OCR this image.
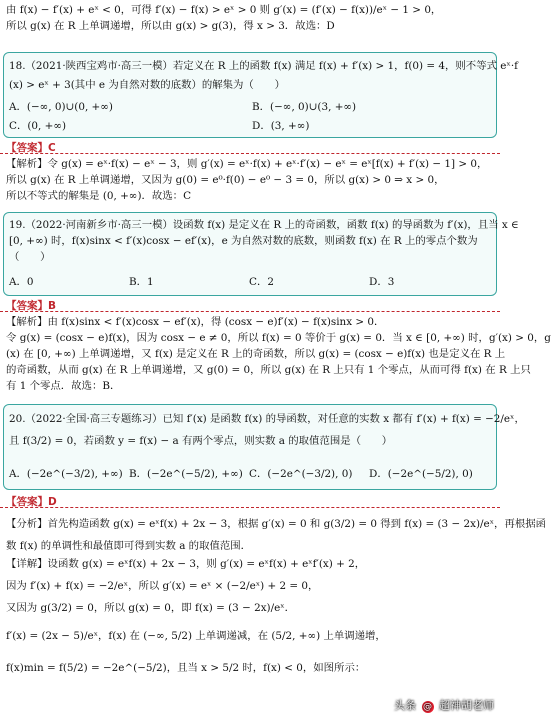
由 f(x) − f′(x) + eˣ < 0，可得 f′(x) − f(x) > eˣ > 0 则 g′(x) = (f′(x) − f(x))/eˣ − 1 > 0，
所以 g(x) 在 R 上单调递增，所以由 g(x) > g(3)，得 x > 3．故选：D
18.（2021·陕西宝鸡市·高三一模）若定义在 R 上的函数 f(x) 满足 f(x) + f′(x) > 1，f(0) = 4，则不等式 eˣ·f
(x) > eˣ + 3(其中 e 为自然对数的底数）的解集为（　　）
A．(−∞, 0)∪(0, +∞)	B．(−∞, 0)∪(3, +∞)
C．(0, +∞)	D．(3, +∞)
【答案】C
【解析】令 g(x) = eˣ·f(x) − eˣ − 3，则 g′(x) = eˣ·f(x) + eˣ·f′(x) − eˣ = eˣ[f(x) + f′(x) − 1] > 0，
所以 g(x) 在 R 上单调递增，又因为 g(0) = e⁰·f(0) − e⁰ − 3 = 0，所以 g(x) > 0 ⇒ x > 0，
所以不等式的解集是 (0, +∞)．故选：C
19.（2022·河南新乡市·高三一模）设函数 f(x) 是定义在 R 上的奇函数，函数 f(x) 的导函数为 f′(x)，且当 x ∈
[0, +∞) 时，f(x)sinx < f′(x)cosx − ef′(x)，e 为自然对数的底数，则函数 f(x) 在 R 上的零点个数为
（　　）
A．0	B．1	C．2	D．3
【答案】B
【解析】由 f(x)sinx < f′(x)cosx − ef′(x)，得 (cosx − e)f′(x) − f(x)sinx > 0．
令 g(x) = (cosx − e)f(x)，因为 cosx − e ≠ 0，所以 f(x) = 0 等价于 g(x) = 0．当 x ∈ [0, +∞) 时，g′(x) > 0，g
(x) 在 [0, +∞) 上单调递增，又 f(x) 是定义在 R 上的奇函数，所以 g(x) = (cosx − e)f(x) 也是定义在 R 上
的奇函数，从而 g(x) 在 R 上单调递增，又 g(0) = 0，所以 g(x) 在 R 上只有 1 个零点，从而可得 f(x) 在 R 上只
有 1 个零点．故选：B．
20.（2022·全国·高三专题练习）已知 f′(x) 是函数 f(x) 的导函数，对任意的实数 x 都有 f′(x) + f(x) = −2/eˣ，
且 f(3/2) = 0，若函数 y = f(x) − a 有两个零点，则实数 a 的取值范围是（　　）
A．(−2e^(−3/2), +∞) B．(−2e^(−5/2), +∞) C．(−2e^(−3/2), 0) D．(−2e^(−5/2), 0)
【答案】D
【分析】首先构造函数 g(x) = eˣf(x) + 2x − 3，根据 g′(x) = 0 和 g(3/2) = 0 得到 f(x) = (3 − 2x)/eˣ，再根据函
数 f(x) 的单调性和最值即可得到实数 a 的取值范围．
【详解】设函数 g(x) = eˣf(x) + 2x − 3，则 g′(x) = eˣf(x) + eˣf′(x) + 2，
因为 f′(x) + f(x) = −2/eˣ，所以 g′(x) = eˣ × (−2/eˣ) + 2 = 0，
又因为 g(3/2) = 0，所以 g(x) = 0，即 f(x) = (3 − 2x)/eˣ．
f′(x) = (2x − 5)/eˣ，f(x) 在 (−∞, 5/2) 上单调递减，在 (5/2, +∞) 上单调递增，
f(x)min = f(5/2) = −2e^(−5/2)，且当 x > 5/2 时，f(x) < 0，如图所示：
头条 @ 超神胡老师
